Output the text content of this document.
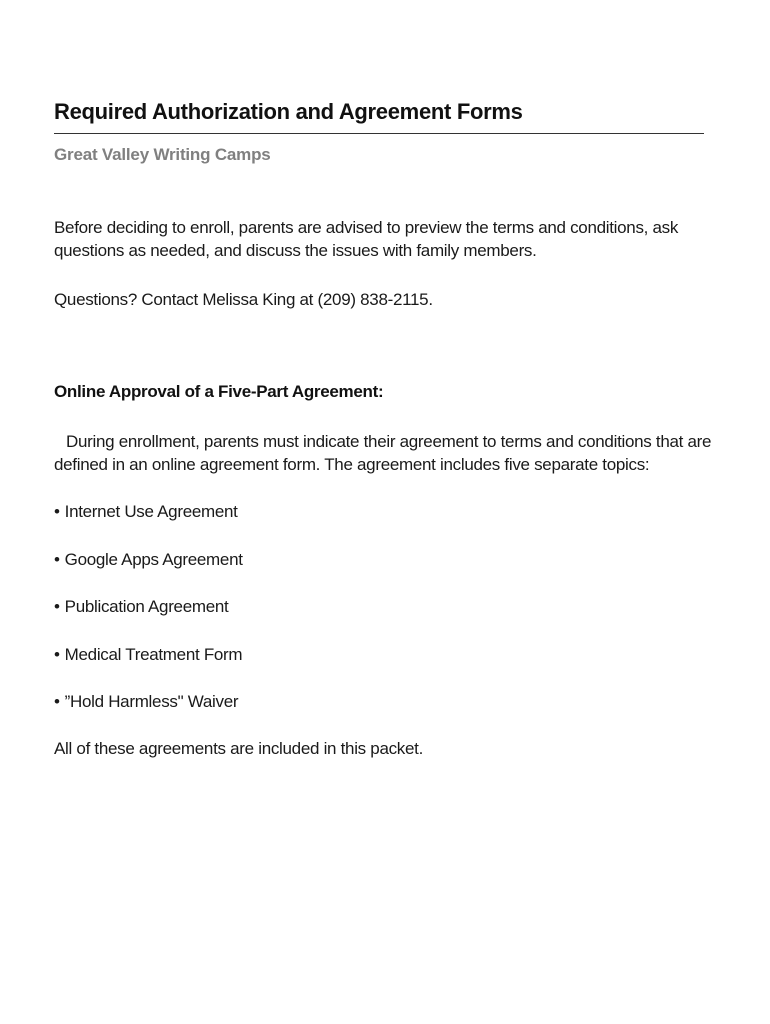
Required Authorization and Agreement Forms
Great Valley Writing Camps

Before deciding to enroll, parents are advised to preview the terms and conditions, ask questions as needed, and discuss the issues with family members.

Questions? Contact Melissa King at (209) 838-2115.

Online Approval of a Five-Part Agreement:

During enrollment, parents must indicate their agreement to terms and conditions that are defined in an online agreement form. The agreement includes five separate topics:

• Internet Use Agreement
• Google Apps Agreement
• Publication Agreement
• Medical Treatment Form
• ”Hold Harmless" Waiver

All of these agreements are included in this packet.
